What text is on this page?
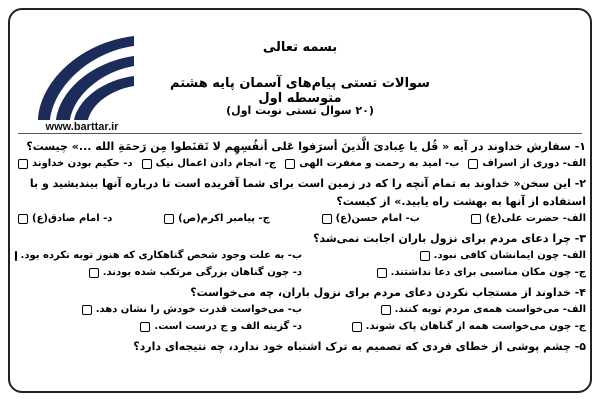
www.barttar.ir
بسمه تعالی
سوالات تستی پیام‌های آسمان پایه هشتم متوسطه اول
(۲۰ سوال تستی نوبت اول)
۱- سفارش خداوند در آیه « قُل یا عِبادیَ الَّذینَ أسرَفوا عَلی أنفُسِهِم لا تَقنَطوا مِن رَحمَةِ الله ...» چیست؟
الف- دوری از اسراف
ب- امید به رحمت و مغفرت الهی
ج- انجام دادن اعمال نیک
د- حکیم بودن خداوند
۲- این سخن« خداوند به تمام آنچه را که در زمین است برای شما آفریده است تا درباره آنها بیندیشید و با استفاده از آنها به بهشت راه یابید.» از کیست؟
الف- حضرت علی(ع)
ب- امام حسن(ع)
ج- پیامبر اکرم(ص)
د- امام صادق(ع)
۳- چرا دعای مردم برای نزول باران اجابت نمی‌شد؟
الف- چون ایمانشان کافی نبود.
ب- به علت وجود شخص گناهکاری که هنوز توبه نکرده بود.
ج- چون مکان مناسبی برای دعا نداشتند.
د- چون گناهان بزرگی مرتکب شده بودند.
۴- خداوند از مستجاب نکردن دعای مردم برای نزول باران، چه می‌خواست؟
الف- می‌خواست همه‌ی مردم توبه کنند.
ب- می‌خواست قدرت خودش را نشان دهد.
ج- چون می‌خواست همه از گناهان پاک شوند.
د- گزینه الف و ج درست است.
۵- چشم پوشی از خطای فردی که تصمیم به ترک اشتباه خود ندارد، چه نتیجه‌ای دارد؟
